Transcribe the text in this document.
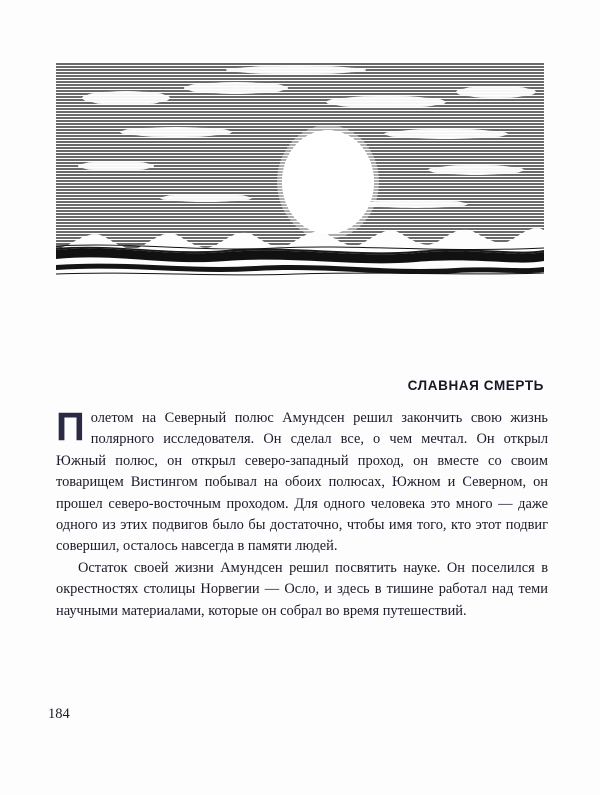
СЛАВНАЯ СМЕРТЬ

Полетом на Северный полюс Амундсен решил закончить свою жизнь полярного исследователя. Он сделал все, о чем мечтал. Он открыл Южный полюс, он открыл северо-западный проход, он вместе со своим товарищем Вистингом побывал на обоих полюсах, Южном и Северном, он прошел северо-восточным проходом. Для одного человека это много — даже одного из этих подвигов было бы достаточно, чтобы имя того, кто этот подвиг совершил, осталось навсегда в памяти людей.

Остаток своей жизни Амундсен решил посвятить науке. Он поселился в окрестностях столицы Норвегии — Осло, и здесь в тишине работал над теми научными материалами, которые он собрал во время путешествий.

184
